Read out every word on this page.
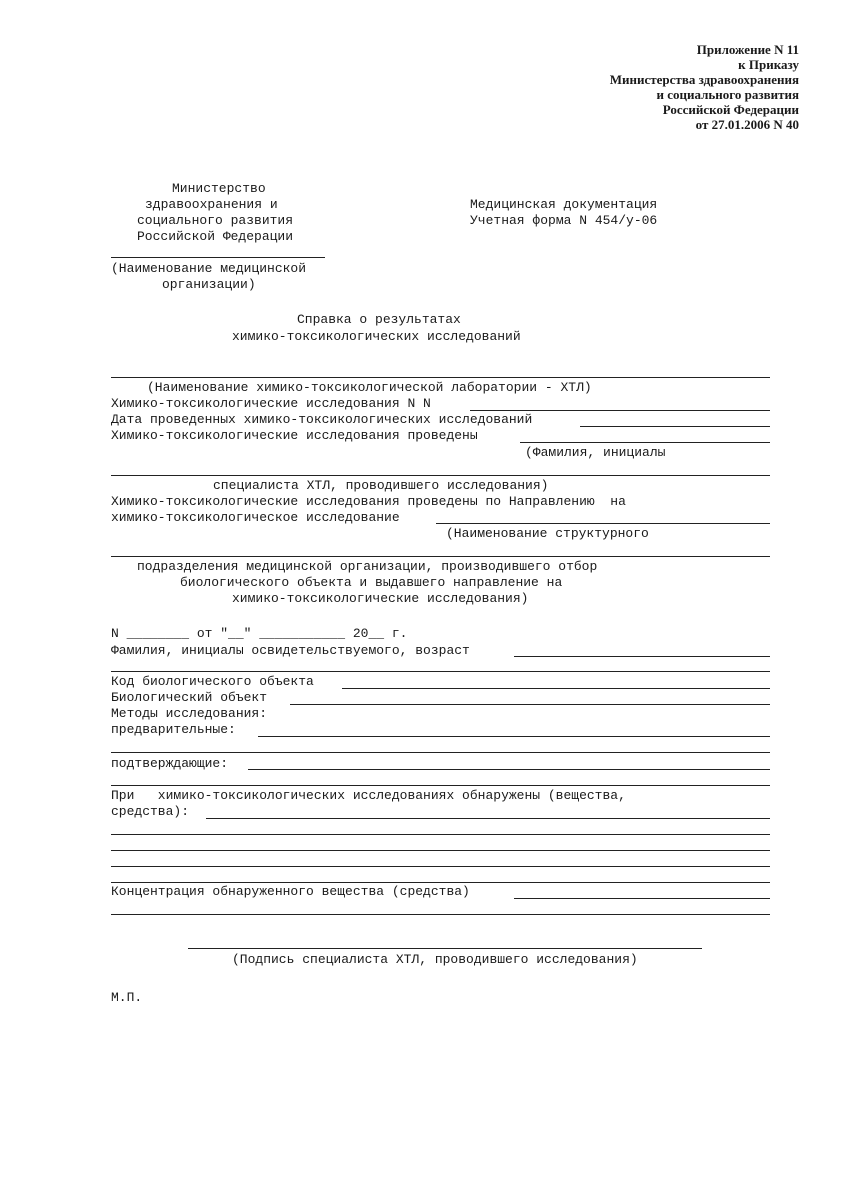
Приложение N 11
к Приказу
Министерства здравоохранения
и социального развития
Российской Федерации
от 27.01.2006 N 40
Министерство
здравоохранения и
социального развития
Российской Федерации
(Наименование медицинской
организации)
Медицинская документация
Учетная форма N 454/у-06
Справка о результатах
химико-токсикологических исследований
(Наименование химико-токсикологической лаборатории - ХТЛ)
Химико-токсикологические исследования N N
Дата проведенных химико-токсикологических исследований
Химико-токсикологические исследования проведены
(Фамилия, инициалы
специалиста ХТЛ, проводившего исследования)
Химико-токсикологические исследования проведены по Направлению  на
химико-токсикологическое исследование
(Наименование структурного
подразделения медицинской организации, производившего отбор
биологического объекта и выдавшего направление на
химико-токсикологические исследования)
N ________ от "__" ___________ 20__ г.
Фамилия, инициалы освидетельствуемого, возраст
Код биологического объекта
Биологический объект
Методы исследования:
предварительные:
подтверждающие:
При   химико-токсикологических исследованиях обнаружены (вещества,
средства):
Концентрация обнаруженного вещества (средства)
(Подпись специалиста ХТЛ, проводившего исследования)
М.П.
